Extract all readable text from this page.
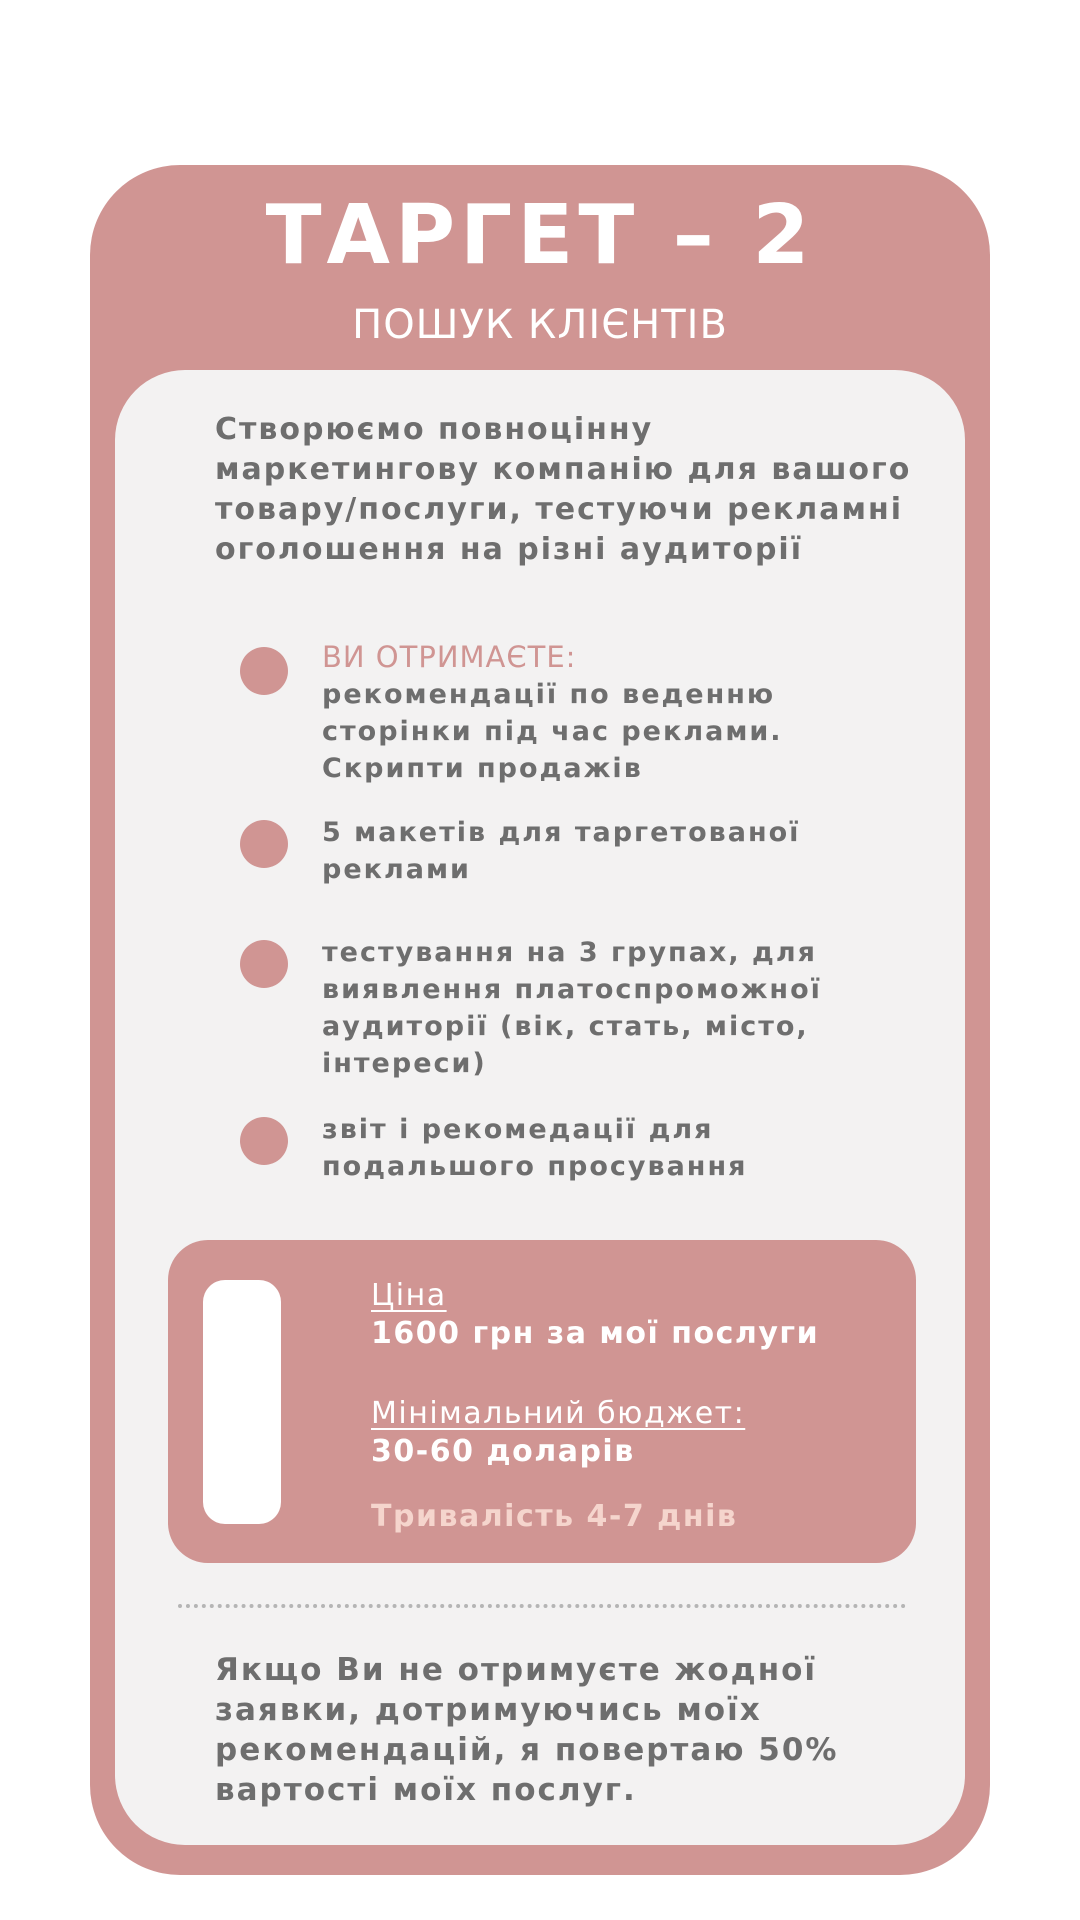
ТАРГЕТ – 2
ПОШУК КЛІЄНТІВ
Створюємо повноцінну маркетингову компанію для вашого товару/послуги, тестуючи рекламні оголошення на різні аудиторії
ВИ ОТРИМАЄТЕ:
рекомендації по веденню сторінки під час реклами. Скрипти продажів
5 макетів для таргетованої реклами
тестування на 3 групах, для виявлення платоспроможної аудиторії (вік, стать, місто, інтереси)
звіт і рекомедації для подальшого просування
Ціна
1600 грн за мої послуги
Мінімальний бюджет:
30-60 доларів
Тривалість 4-7 днів
Якщо Ви не отримуєте жодної заявки, дотримуючись моїх рекомендацій, я повертаю 50% вартості моїх послуг.
